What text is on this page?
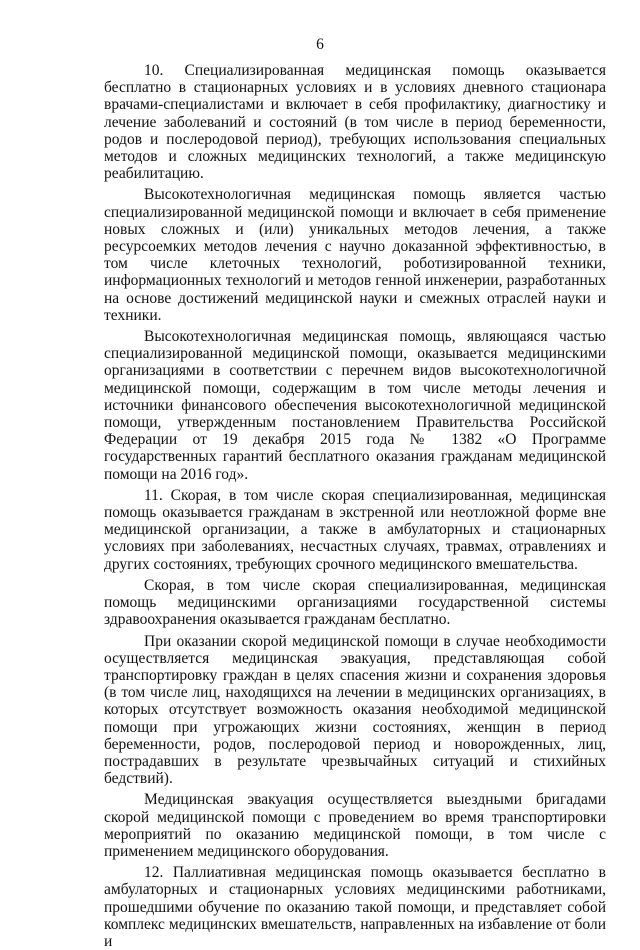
6

10. Специализированная медицинская помощь оказывается бесплатно в стационарных условиях и в условиях дневного стационара врачами-специалистами и включает в себя профилактику, диагностику и лечение заболеваний и состояний (в том числе в период беременности, родов и послеродовой период), требующих использования специальных методов и сложных медицинских технологий, а также медицинскую реабилитацию.

Высокотехнологичная медицинская помощь является частью специализированной медицинской помощи и включает в себя применение новых сложных и (или) уникальных методов лечения, а также ресурсоемких методов лечения с научно доказанной эффективностью, в том числе клеточных технологий, роботизированной техники, информационных технологий и методов генной инженерии, разработанных на основе достижений медицинской науки и смежных отраслей науки и техники.

Высокотехнологичная медицинская помощь, являющаяся частью специализированной медицинской помощи, оказывается медицинскими организациями в соответствии с перечнем видов высокотехнологичной медицинской помощи, содержащим в том числе методы лечения и источники финансового обеспечения высокотехнологичной медицинской помощи, утвержденным постановлением Правительства Российской Федерации от 19 декабря 2015 года № 1382 «О Программе государственных гарантий бесплатного оказания гражданам медицинской помощи на 2016 год».

11. Скорая, в том числе скорая специализированная, медицинская помощь оказывается гражданам в экстренной или неотложной форме вне медицинской организации, а также в амбулаторных и стационарных условиях при заболеваниях, несчастных случаях, травмах, отравлениях и других состояниях, требующих срочного медицинского вмешательства.

Скорая, в том числе скорая специализированная, медицинская помощь медицинскими организациями государственной системы здравоохранения оказывается гражданам бесплатно.

При оказании скорой медицинской помощи в случае необходимости осуществляется медицинская эвакуация, представляющая собой транспортировку граждан в целях спасения жизни и сохранения здоровья (в том числе лиц, находящихся на лечении в медицинских организациях, в которых отсутствует возможность оказания необходимой медицинской помощи при угрожающих жизни состояниях, женщин в период беременности, родов, послеродовой период и новорожденных, лиц, пострадавших в результате чрезвычайных ситуаций и стихийных бедствий).

Медицинская эвакуация осуществляется выездными бригадами скорой медицинской помощи с проведением во время транспортировки мероприятий по оказанию медицинской помощи, в том числе с применением медицинского оборудования.

12. Паллиативная медицинская помощь оказывается бесплатно в амбулаторных и стационарных условиях медицинскими работниками, прошедшими обучение по оказанию такой помощи, и представляет собой комплекс медицинских вмешательств, направленных на избавление от боли и
